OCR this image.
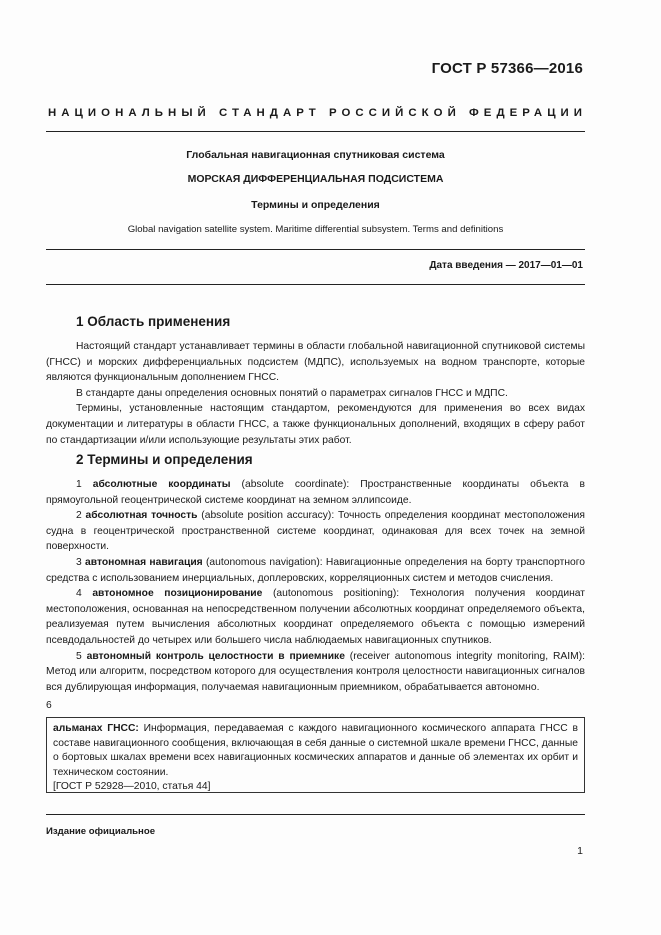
ГОСТ Р 57366—2016
НАЦИОНАЛЬНЫЙ СТАНДАРТ РОССИЙСКОЙ ФЕДЕРАЦИИ
Глобальная навигационная спутниковая система
МОРСКАЯ ДИФФЕРЕНЦИАЛЬНАЯ ПОДСИСТЕМА
Термины и определения
Global navigation satellite system. Maritime differential subsystem. Terms and definitions
Дата введения — 2017—01—01
1 Область применения

Настоящий стандарт устанавливает термины в области глобальной навигационной спутниковой системы (ГНСС) и морских дифференциальных подсистем (МДПС), используемых на водном транспорте, которые являются функциональным дополнением ГНСС.

В стандарте даны определения основных понятий о параметрах сигналов ГНСС и МДПС.

Термины, установленные настоящим стандартом, рекомендуются для применения во всех видах документации и литературы в области ГНСС, а также функциональных дополнений, входящих в сферу работ по стандартизации и/или использующие результаты этих работ.

2 Термины и определения

1 абсолютные координаты (absolute coordinate): Пространственные координаты объекта в прямоугольной геоцентрической системе координат на земном эллипсоиде.

2 абсолютная точность (absolute position accuracy): Точность определения координат местоположения судна в геоцентрической пространственной системе координат, одинаковая для всех точек на земной поверхности.

3 автономная навигация (autonomous navigation): Навигационные определения на борту транспортного средства с использованием инерциальных, доплеровских, корреляционных систем и методов счисления.

4 автономное позиционирование (autonomous positioning): Технология получения координат местоположения, основанная на непосредственном получении абсолютных координат определяемого объекта, реализуемая путем вычисления абсолютных координат определяемого объекта с помощью измерений псевдодальностей до четырех или большего числа наблюдаемых навигационных спутников.

5 автономный контроль целостности в приемнике (receiver autonomous integrity monitoring, RAIM): Метод или алгоритм, посредством которого для осуществления контроля целостности навигационных сигналов вся дублирующая информация, получаемая навигационным приемником, обрабатывается автономно.

6

альманах ГНСС: Информация, передаваемая с каждого навигационного космического аппарата ГНСС в составе навигационного сообщения, включающая в себя данные о системной шкале времени ГНСС, данные о бортовых шкалах времени всех навигационных космических аппаратов и данные об элементах их орбит и техническом состоянии.

[ГОСТ Р 52928—2010, статья 44]

Издание официальное
1
